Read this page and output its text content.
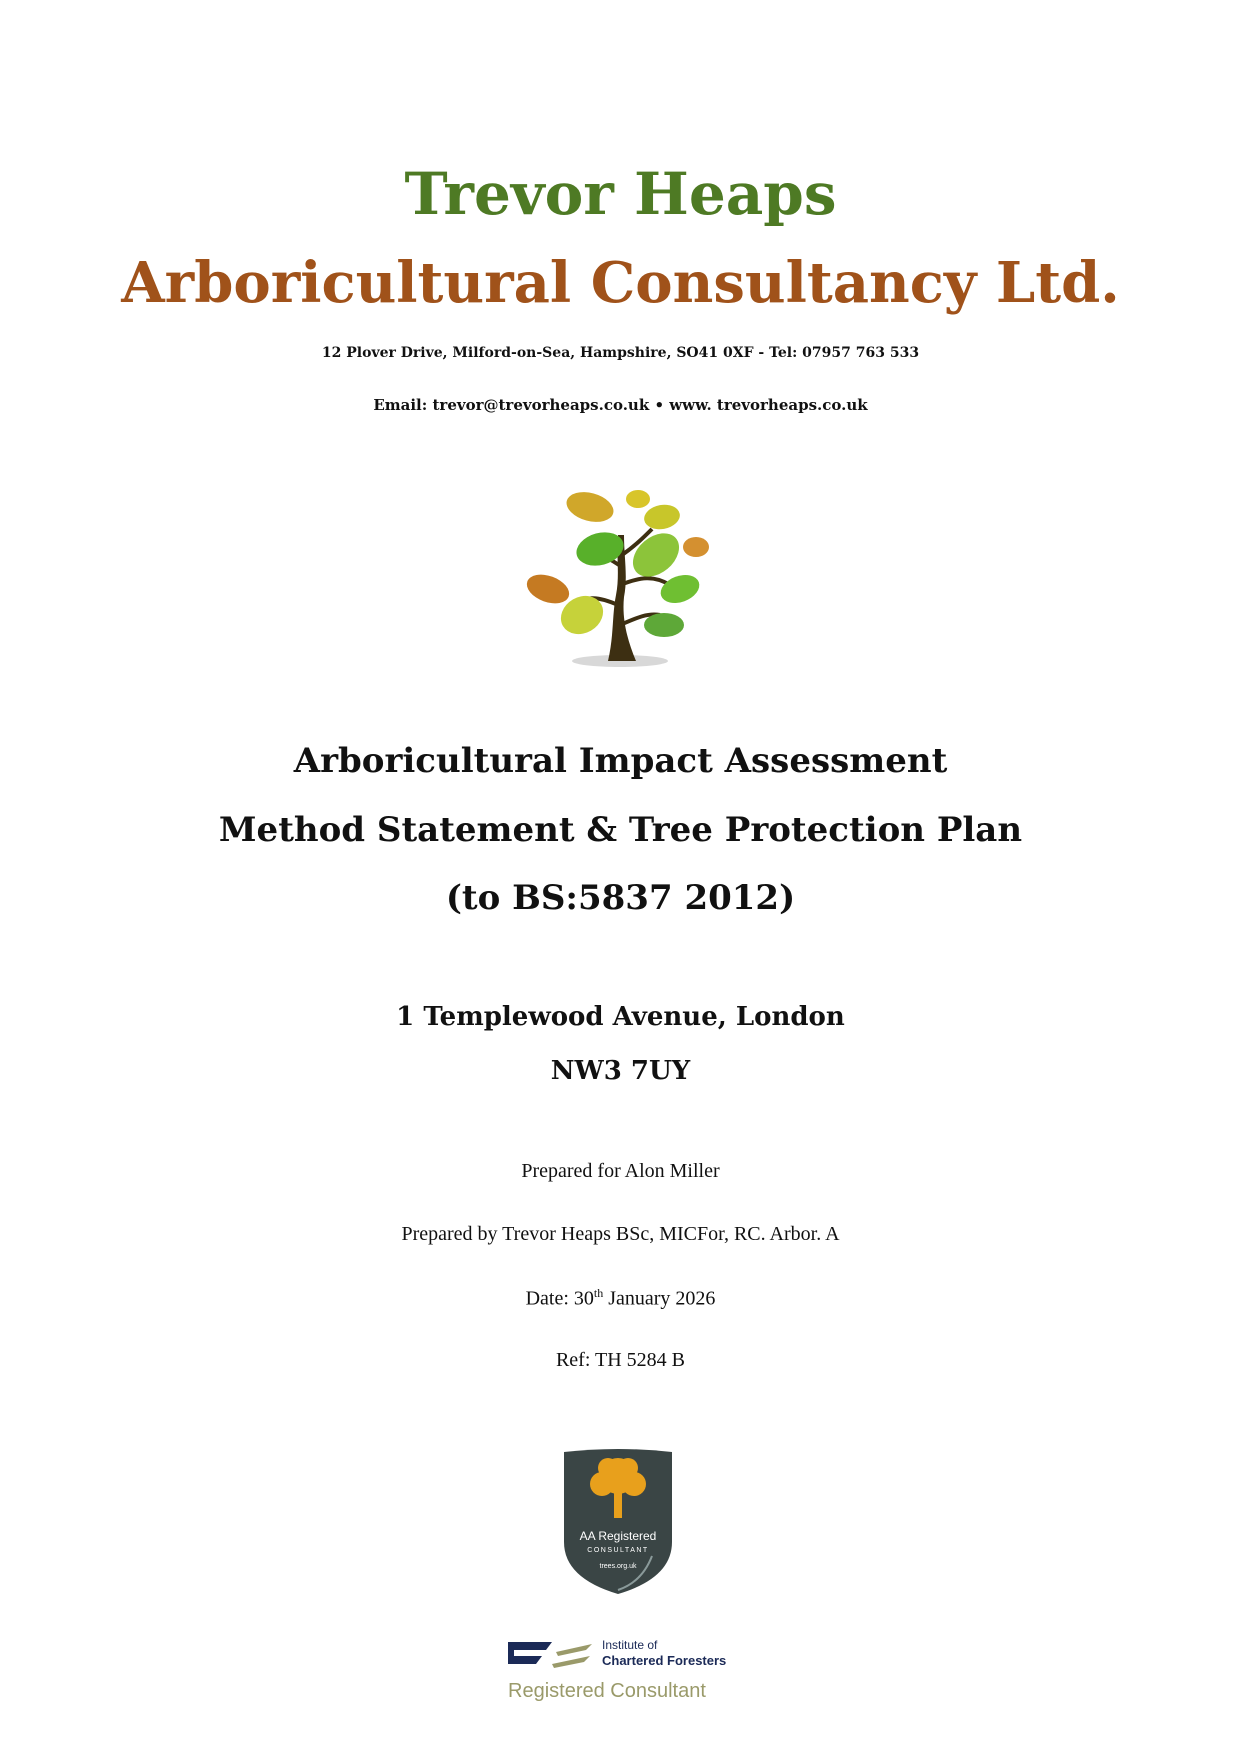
Trevor Heaps
Arboricultural Consultancy Ltd.
12 Plover Drive, Milford-on-Sea, Hampshire, SO41 0XF - Tel: 07957 763 533
Email: trevor@trevorheaps.co.uk • www. trevorheaps.co.uk
Arboricultural Impact Assessment
Method Statement & Tree Protection Plan
(to BS:5837 2012)
1 Templewood Avenue, London
NW3 7UY
Prepared for Alon Miller
Prepared by Trevor Heaps BSc, MICFor, RC. Arbor. A
Date: 30th January 2026
Ref: TH 5284 B
AA Registered
CONSULTANT
trees.org.uk
Institute of
Chartered Foresters
Registered Consultant
